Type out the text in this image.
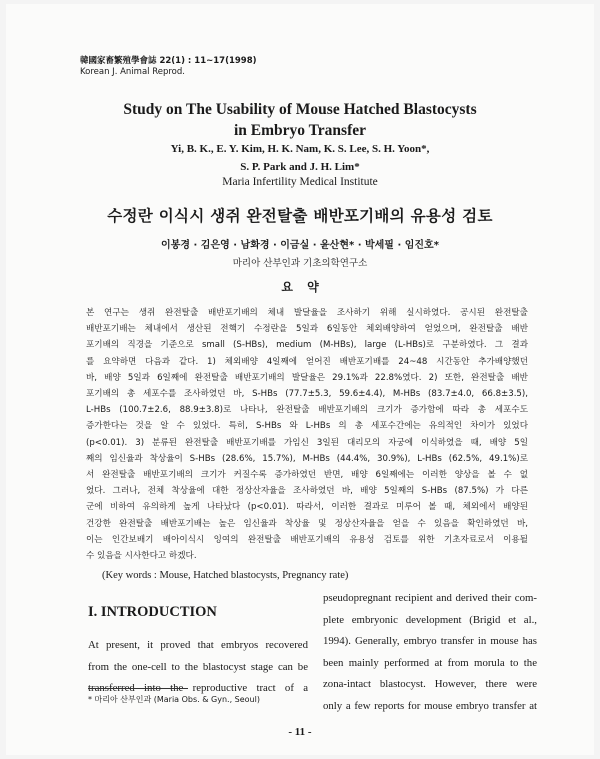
韓國家畜繁殖學會誌 22(1) : 11~17(1998)
Korean J. Animal Reprod.
Study on The Usability of Mouse Hatched Blastocysts
in Embryo Transfer
Yi, B. K., E. Y. Kim, H. K. Nam, K. S. Lee, S. H. Yoon*,
S. P. Park and J. H. Lim*
Maria Infertility Medical Institute
수정란 이식시 생쥐 완전탈출 배반포기배의 유용성 검토
이봉경 · 김은영 · 남화경 · 이금실 · 윤산현* · 박세필 · 임진호*
마리아 산부인과 기초의학연구소
요 약
본 연구는 생쥐 완전탈출 배반포기배의 체내 발달율을 조사하기 위해 실시하였다. 공시된 완전탈출
배반포기배는 체내에서 생산된 전핵기 수정란을 5일과 6일동안 체외배양하여 얻었으며, 완전탈출 배반
포기배의 직경을 기준으로 small (S-HBs), medium (M-HBs), large (L-HBs)로 구분하였다. 그 결과
를 요약하면 다음과 같다. 1) 체외배양 4일째에 얻어진 배반포기배를 24~48 시간동안 추가배양했던
바, 배양 5일과 6일째에 완전탈출 배반포기배의 발달율은 29.1%과 22.8%였다. 2) 또한, 완전탈출 배반
포기배의 총 세포수를 조사하였던 바, S-HBs (77.7±5.3, 59.6±4.4), M-HBs (83.7±4.0, 66.8±3.5),
L-HBs (100.7±2.6, 88.9±3.8)로 나타나, 완전탈출 배반포기배의 크기가 증가함에 따라 총 세포수도
증가한다는 것을 알 수 있었다. 특히, S-HBs 와 L-HBs 의 총 세포수간에는 유의적인 차이가 있었다
(p<0.01). 3) 분류된 완전탈출 배반포기배를 가임신 3일된 대리모의 자궁에 이식하였을 때, 배양 5일
째의 임신율과 착상율이 S-HBs (28.6%, 15.7%), M-HBs (44.4%, 30.9%), L-HBs (62.5%, 49.1%)로
서 완전탈출 배반포기배의 크기가 커질수록 증가하였던 반면, 배양 6일째에는 이러한 양상을 볼 수 없
었다. 그러나, 전체 착상율에 대한 정상산자율을 조사하였던 바, 배양 5일째의 S-HBs (87.5%) 가 다른
군에 비하여 유의하게 높게 나타났다 (p<0.01). 따라서, 이러한 결과로 미루어 볼 때, 체외에서 배양된
건강한 완전탈출 배반포기배는 높은 임신율과 착상율 및 정상산자율을 얻을 수 있음을 확인하였던 바,
이는 인간보배기 배아이식시 잉여의 완전탈출 배반포기배의 유용성 검토를 위한 기초자료로서 이용될
수 있음을 시사한다고 하겠다.
(Key words : Mouse, Hatched blastocysts, Pregnancy rate)
I. INTRODUCTION
At present, it proved that embryos recovered
from the one-cell to the blastocyst stage can be
transferred into the reproductive tract of a
pseudopregnant recipient and derived their com-
plete embryonic development (Brigid et al.,
1994). Generally, embryo transfer in mouse has
been mainly performed at from morula to the
zona-intact blastocyst. However, there were
only a few reports for mouse embryo transfer at
* 마리아 산부인과 (Maria Obs. & Gyn., Seoul)
- 11 -
